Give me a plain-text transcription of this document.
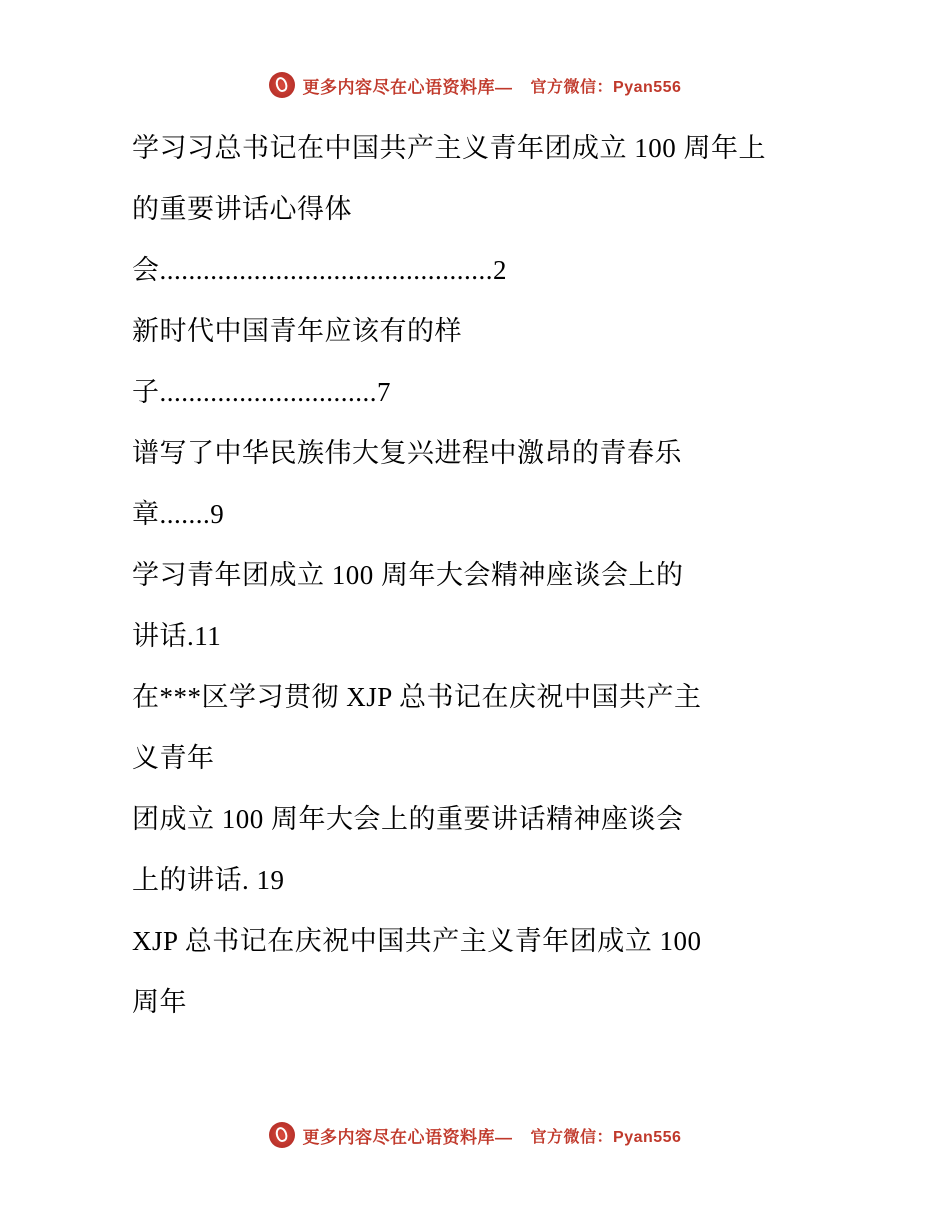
更多内容尽在心语资料库— 官方微信：Pyan556
学习习总书记在中国共产主义青年团成立 100 周年上
的重要讲话心得体
会..............................................2
新时代中国青年应该有的样
子..............................7
谱写了中华民族伟大复兴进程中激昂的青春乐
章.......9
学习青年团成立 100 周年大会精神座谈会上的
讲话.11
在***区学习贯彻 XJP 总书记在庆祝中国共产主
义青年
团成立 100 周年大会上的重要讲话精神座谈会
上的讲话. 19
XJP 总书记在庆祝中国共产主义青年团成立 100
周年
更多内容尽在心语资料库— 官方微信：Pyan556
